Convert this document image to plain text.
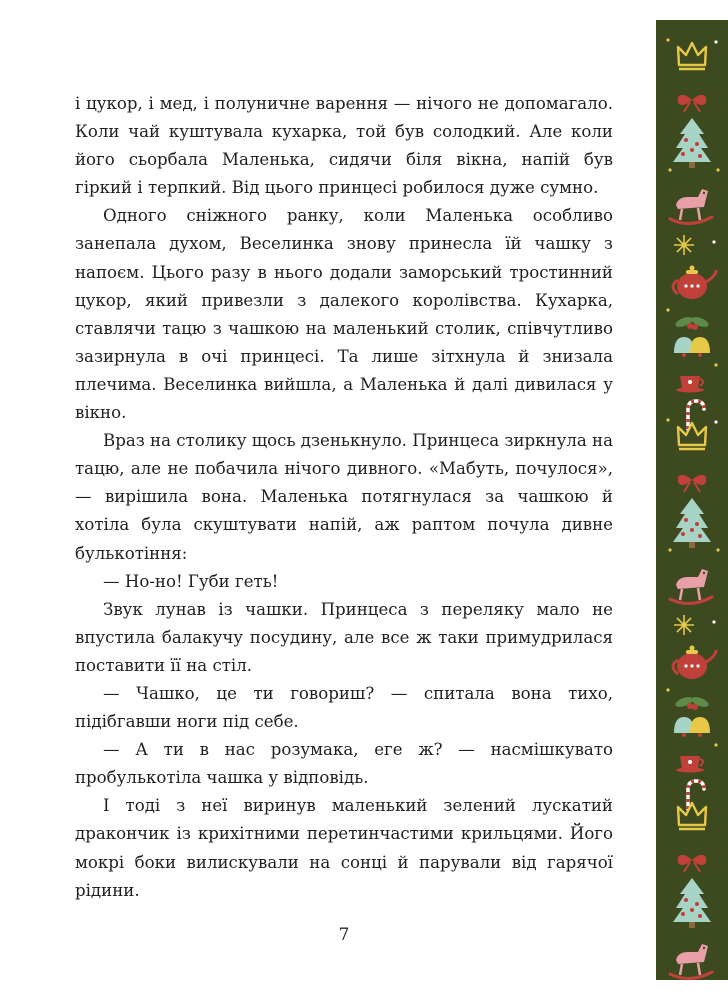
і цукор, і мед, і полуничне варення — нічого не допомагало. Коли чай куштувала кухарка, той був солодкий. Але коли його сьорбала Маленька, сидячи біля вікна, напій був гіркий і терпкий. Від цього принцесі робилося дуже сумно.

Одного сніжного ранку, коли Маленька особливо занепала духом, Веселинка знову принесла їй чашку з напоєм. Цього разу в нього додали заморський тростинний цукор, який привезли з далекого королівства. Кухарка, ставлячи тацю з чашкою на маленький столик, співчутливо зазирнула в очі принцесі. Та лише зітхнула й знизала плечима. Веселинка вийшла, а Маленька й далі дивилася у вікно.

Враз на столику щось дзенькнуло. Принцеса зиркнула на тацю, але не побачила нічого дивного. «Мабуть, почулося», — вирішила вона. Маленька потягнулася за чашкою й хотіла була скуштувати напій, аж раптом почула дивне булькотіння:

— Но-но! Губи геть!

Звук лунав із чашки. Принцеса з переляку мало не впустила балакучу посудину, але все ж таки примудрилася поставити її на стіл.

— Чашко, це ти говориш? — спитала вона тихо, підібгавши ноги під себе.

— А ти в нас розумака, еге ж? — насмішкувато пробулькотіла чашка у відповідь.

І тоді з неї виринув маленький зелений лускатий дракончик із крихітними перетинчастими крильцями. Його мокрі боки вилискували на сонці й парували від гарячої рідини.

7
